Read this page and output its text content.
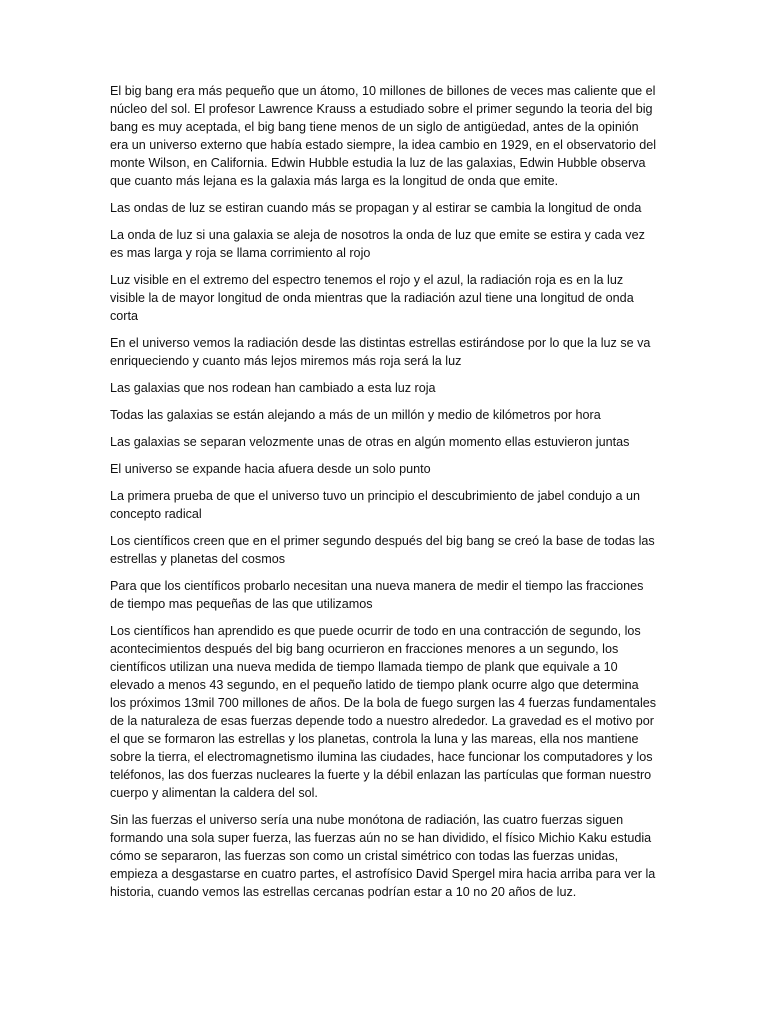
El big bang era más pequeño que un átomo, 10 millones de billones de veces mas caliente que el núcleo del sol. El profesor Lawrence Krauss a estudiado sobre el primer segundo la teoria del big bang es muy aceptada, el big bang tiene menos de un siglo de antigüedad, antes de la opinión era un universo externo que había estado siempre, la idea cambio en 1929, en el observatorio del monte Wilson, en California. Edwin Hubble estudia la luz de las galaxias, Edwin Hubble observa que cuanto más lejana es la galaxia más larga es la longitud de onda que emite.

Las ondas de luz se estiran cuando más se propagan y al estirar se cambia la longitud de onda

La onda de luz si una galaxia se aleja de nosotros la onda de luz que emite se estira y cada vez es mas larga y roja se llama corrimiento al rojo

Luz visible en el extremo del espectro tenemos el rojo y el azul, la radiación roja es en la luz visible la de mayor longitud de onda mientras que la radiación azul tiene una longitud de onda corta

En el universo vemos la radiación desde las distintas estrellas estirándose por lo que la luz se va enriqueciendo y cuanto más lejos miremos más roja será la luz

Las galaxias que nos rodean han cambiado a esta luz roja

Todas las galaxias se están alejando a más de un millón y medio de kilómetros por hora

Las galaxias se separan velozmente unas de otras en algún momento ellas estuvieron juntas

El universo se expande hacia afuera desde un solo punto

La primera prueba de que el universo tuvo un principio el descubrimiento de jabel condujo a un concepto radical

Los científicos creen que en el primer segundo después del big bang se creó la base de todas las estrellas y planetas del cosmos

Para que los científicos probarlo necesitan una nueva manera de medir el tiempo las fracciones de tiempo mas pequeñas de las que utilizamos

Los científicos han aprendido es que puede ocurrir de todo en una contracción de segundo, los acontecimientos después del big bang ocurrieron en fracciones menores a un segundo, los científicos utilizan una nueva medida de tiempo llamada tiempo de plank que equivale a 10 elevado a menos 43 segundo, en el pequeño latido de tiempo plank ocurre algo que determina los próximos 13mil 700 millones de años. De la bola de fuego surgen las 4 fuerzas fundamentales de la naturaleza de esas fuerzas depende todo a nuestro alrededor. La gravedad es el motivo por el que se formaron las estrellas y los planetas, controla la luna y las mareas, ella nos mantiene sobre la tierra, el electromagnetismo ilumina las ciudades, hace funcionar los computadores y los teléfonos, las dos fuerzas nucleares la fuerte y la débil enlazan las partículas que forman nuestro cuerpo y alimentan la caldera del sol.

Sin las fuerzas el universo sería una nube monótona de radiación, las cuatro fuerzas siguen formando una sola super fuerza, las fuerzas aún no se han dividido, el físico Michio Kaku estudia cómo se separaron, las fuerzas son como un cristal simétrico con todas las fuerzas unidas, empieza a desgastarse en cuatro partes, el astrofísico David Spergel mira hacia arriba para ver la historia, cuando vemos las estrellas cercanas podrían estar a 10 no 20 años de luz.
